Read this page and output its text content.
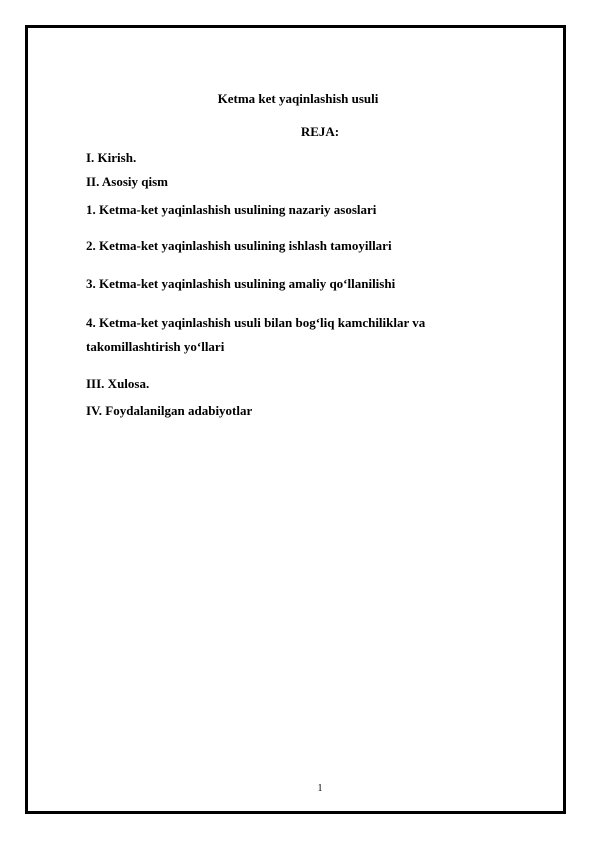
Ketma ket yaqinlashish usuli
REJA:
I. Kirish.
II. Asosiy qism
1. Ketma-ket yaqinlashish usulining nazariy asoslari
2. Ketma-ket yaqinlashish usulining ishlash tamoyillari
3. Ketma-ket yaqinlashish usulining amaliy qo‘llanilishi
4. Ketma-ket yaqinlashish usuli bilan bog‘liq kamchiliklar va
takomillashtirish yo‘llari
III. Xulosa.
IV. Foydalanilgan adabiyotlar
1
